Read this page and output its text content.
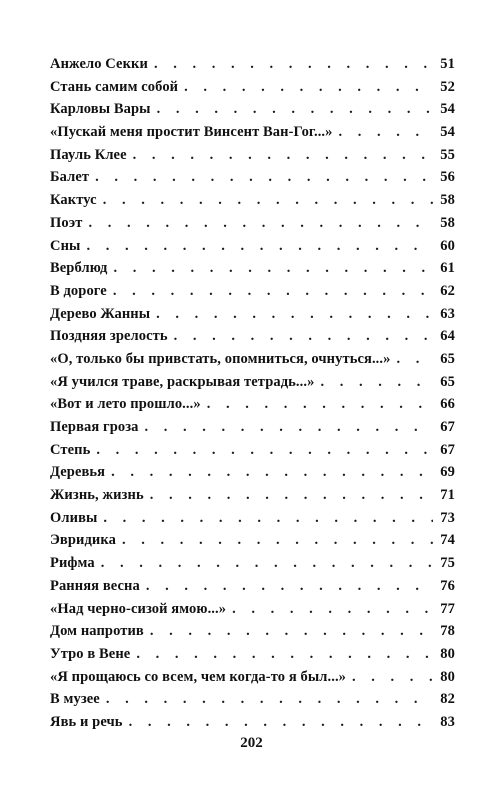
Анжело Секки . . .	51
Стань самим собой . . .	52
Карловы Вары . . .	54
«Пускай меня простит Винсент Ван-Гог...» . . .	54
Пауль Клее . . .	55
Балет . . .	56
Кактус . . .	58
Поэт . . .	58
Сны . . .	60
Верблюд . . .	61
В дороге . . .	62
Дерево Жанны . . .	63
Поздняя зрелость . . .	64
«О, только бы привстать, опомниться, очнуться...» . . .	65
«Я учился траве, раскрывая тетрадь...» . . .	65
«Вот и лето прошло...» . . .	66
Первая гроза . . .	67
Степь . . .	67
Деревья . . .	69
Жизнь, жизнь . . .	71
Оливы . . .	73
Эвридика . . .	74
Рифма . . .	75
Ранняя весна . . .	76
«Над черно-сизой ямою...» . . .	77
Дом напротив . . .	78
Утро в Вене . . .	80
«Я прощаюсь со всем, чем когда-то я был...» . . .	80
В музее . . .	82
Явь и речь . . .	83
202
